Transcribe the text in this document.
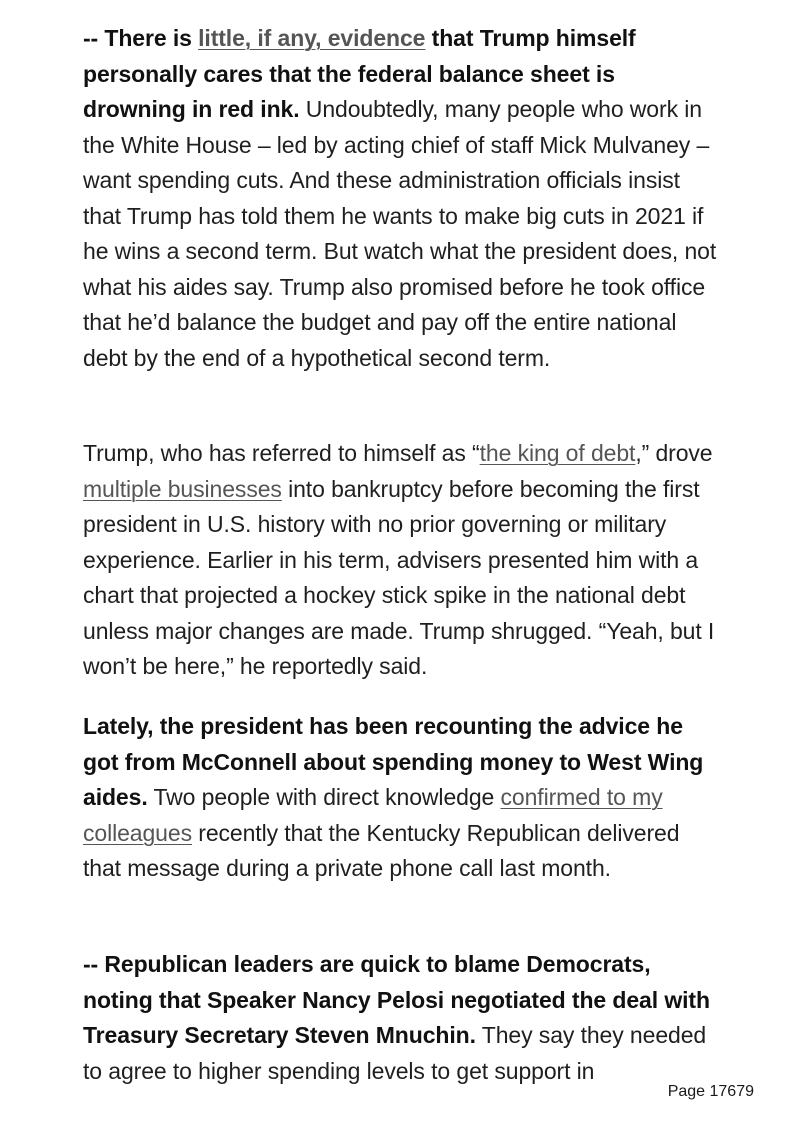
-- There is little, if any, evidence that Trump himself personally cares that the federal balance sheet is drowning in red ink. Undoubtedly, many people who work in the White House – led by acting chief of staff Mick Mulvaney – want spending cuts. And these administration officials insist that Trump has told them he wants to make big cuts in 2021 if he wins a second term. But watch what the president does, not what his aides say. Trump also promised before he took office that he’d balance the budget and pay off the entire national debt by the end of a hypothetical second term.

Trump, who has referred to himself as “the king of debt,” drove multiple businesses into bankruptcy before becoming the first president in U.S. history with no prior governing or military experience. Earlier in his term, advisers presented him with a chart that projected a hockey stick spike in the national debt unless major changes are made. Trump shrugged. “Yeah, but I won’t be here,” he reportedly said.

Lately, the president has been recounting the advice he got from McConnell about spending money to West Wing aides. Two people with direct knowledge confirmed to my colleagues recently that the Kentucky Republican delivered that message during a private phone call last month.

-- Republican leaders are quick to blame Democrats, noting that Speaker Nancy Pelosi negotiated the deal with Treasury Secretary Steven Mnuchin. They say they needed to agree to higher spending levels to get support in

Page 17679
